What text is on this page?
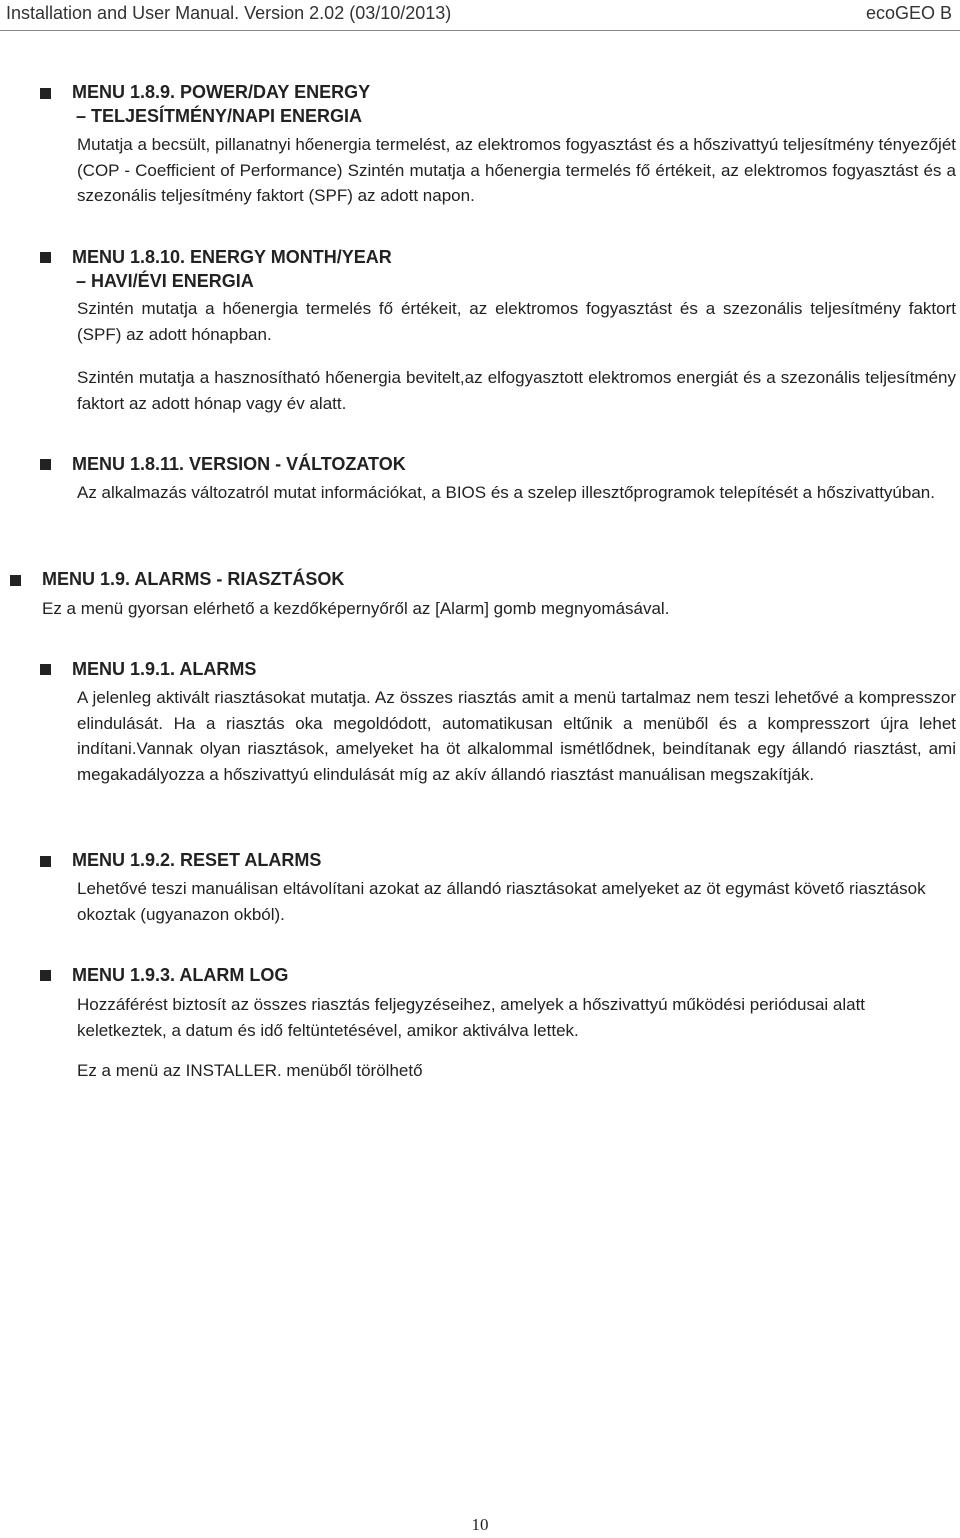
Installation and User Manual. Version 2.02 (03/10/2013)	ecoGEO B
MENU 1.8.9. POWER/DAY ENERGY
– TELJESÍTMÉNY/NAPI ENERGIA

Mutatja a becsült, pillanatnyi hőenergia termelést, az elektromos fogyasztást és a hőszivattyú teljesítmény tényezőjét (COP - Coefficient of Performance) Szintén mutatja a hőenergia termelés fő értékeit, az elektromos fogyasztást és a szezonális teljesítmény faktort (SPF) az adott napon.

MENU 1.8.10. ENERGY MONTH/YEAR
– HAVI/ÉVI ENERGIA

Szintén mutatja a hőenergia termelés fő értékeit, az elektromos fogyasztást és a szezonális teljesítmény faktort (SPF) az adott hónapban.

Szintén mutatja a hasznosítható hőenergia bevitelt,az elfogyasztott elektromos energiát és a szezonális teljesítmény faktort az adott hónap vagy év alatt.

MENU 1.8.11. VERSION - VÁLTOZATOK

Az alkalmazás változatról mutat információkat, a BIOS és a szelep illesztőprogramok telepítését a hőszivattyúban.

MENU 1.9. ALARMS - RIASZTÁSOK

Ez a menü gyorsan elérhető a kezdőképernyőről az [Alarm] gomb megnyomásával.

MENU 1.9.1. ALARMS

A jelenleg aktivált riasztásokat mutatja. Az összes riasztás amit a menü tartalmaz nem teszi lehetővé a kompresszor elindulását. Ha a riasztás oka megoldódott, automatikusan eltűnik a menüből és a kompresszort újra lehet indítani.Vannak olyan riasztások, amelyeket ha öt alkalommal ismétlődnek, beindítanak egy állandó riasztást, ami megakadályozza a hőszivattyú elindulását míg az akív állandó riasztást manuálisan megszakítják.

MENU 1.9.2. RESET ALARMS

Lehetővé teszi manuálisan eltávolítani azokat az állandó riasztásokat amelyeket az öt egymást követő riasztások okoztak (ugyanazon okból).

MENU 1.9.3. ALARM LOG

Hozzáférést biztosít az összes riasztás feljegyzéseihez, amelyek a hőszivattyú működési periódusai alatt keletkeztek, a datum és idő feltüntetésével, amikor aktiválva lettek.

Ez a menü az INSTALLER. menüből törölhető

10
